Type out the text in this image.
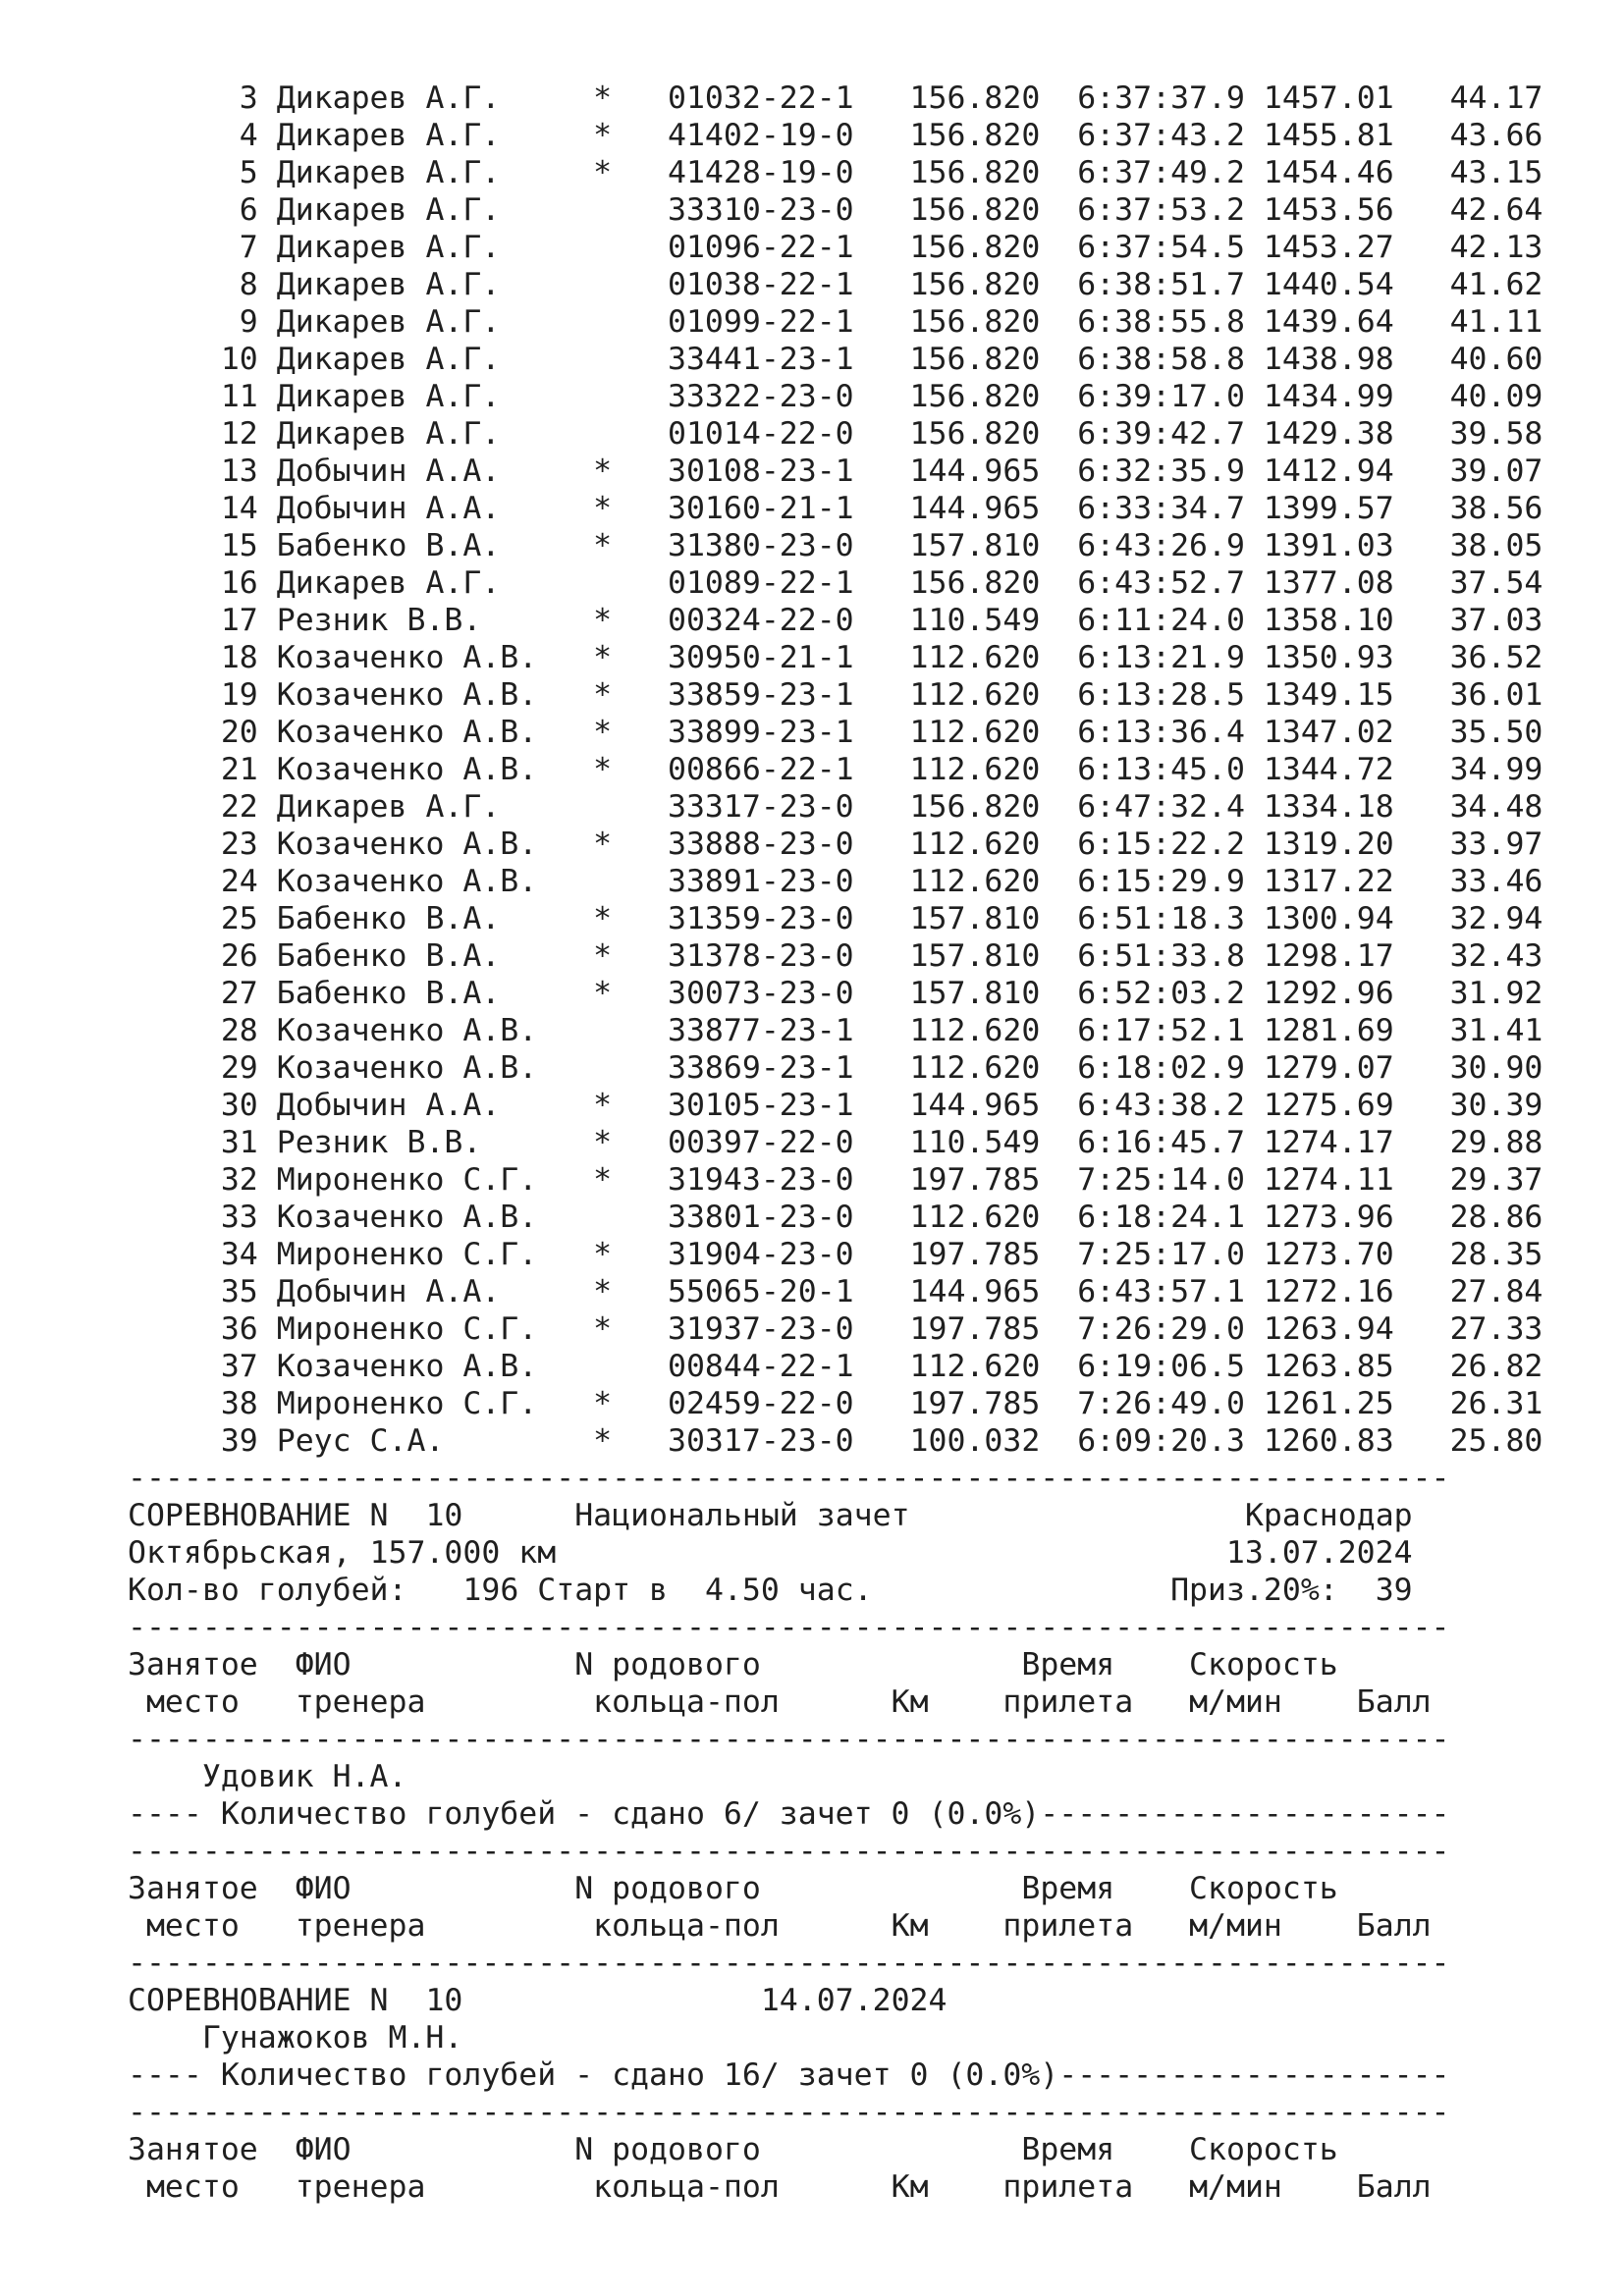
3 Дикарев А.Г.     *   01032-22-1   156.820 6:37:37.9 1457.01   44.17
4 Дикарев А.Г.     *   41402-19-0   156.820 6:37:43.2 1455.81   43.66
5 Дикарев А.Г.     *   41428-19-0   156.820 6:37:49.2 1454.46   43.15
6 Дикарев А.Г.         33310-23-0   156.820 6:37:53.2 1453.56   42.64
7 Дикарев А.Г.         01096-22-1   156.820 6:37:54.5 1453.27   42.13
8 Дикарев А.Г.         01038-22-1   156.820 6:38:51.7 1440.54   41.62
9 Дикарев А.Г.         01099-22-1   156.820 6:38:55.8 1439.64   41.11
10 Дикарев А.Г.         33441-23-1   156.820 6:38:58.8 1438.98   40.60
11 Дикарев А.Г.         33322-23-0   156.820 6:39:17.0 1434.99   40.09
12 Дикарев А.Г.         01014-22-0   156.820 6:39:42.7 1429.38   39.58
13 Добычин А.А.     *   30108-23-1   144.965 6:32:35.9 1412.94   39.07
14 Добычин А.А.     *   30160-21-1   144.965 6:33:34.7 1399.57   38.56
15 Бабенко В.А.     *   31380-23-0   157.810 6:43:26.9 1391.03   38.05
16 Дикарев А.Г.         01089-22-1   156.820 6:43:52.7 1377.08   37.54
17 Резник В.В.      *   00324-22-0   110.549 6:11:24.0 1358.10   37.03
18 Козаченко А.В.   *   30950-21-1   112.620 6:13:21.9 1350.93   36.52
19 Козаченко А.В.   *   33859-23-1   112.620 6:13:28.5 1349.15   36.01
20 Козаченко А.В.   *   33899-23-1   112.620 6:13:36.4 1347.02   35.50
21 Козаченко А.В.   *   00866-22-1   112.620 6:13:45.0 1344.72   34.99
22 Дикарев А.Г.         33317-23-0   156.820 6:47:32.4 1334.18   34.48
23 Козаченко А.В.   *   33888-23-0   112.620 6:15:22.2 1319.20   33.97
24 Козаченко А.В.       33891-23-0   112.620 6:15:29.9 1317.22   33.46
25 Бабенко В.А.     *   31359-23-0   157.810 6:51:18.3 1300.94   32.94
26 Бабенко В.А.     *   31378-23-0   157.810 6:51:33.8 1298.17   32.43
27 Бабенко В.А.     *   30073-23-0   157.810 6:52:03.2 1292.96   31.92
28 Козаченко А.В.       33877-23-1   112.620 6:17:52.1 1281.69   31.41
29 Козаченко А.В.       33869-23-1   112.620 6:18:02.9 1279.07   30.90
30 Добычин А.А.     *   30105-23-1   144.965 6:43:38.2 1275.69   30.39
31 Резник В.В.      *   00397-22-0   110.549 6:16:45.7 1274.17   29.88
32 Мироненко С.Г.   *   31943-23-0   197.785 7:25:14.0 1274.11   29.37
33 Козаченко А.В.       33801-23-0   112.620 6:18:24.1 1273.96   28.86
34 Мироненко С.Г.   *   31904-23-0   197.785 7:25:17.0 1273.70   28.35
35 Добычин А.А.     *   55065-20-1   144.965 6:43:57.1 1272.16   27.84
36 Мироненко С.Г.   *   31937-23-0   197.785 7:26:29.0 1263.94   27.33
37 Козаченко А.В.       00844-22-1   112.620 6:19:06.5 1263.85   26.82
38 Мироненко С.Г.   *   02459-22-0   197.785 7:26:49.0 1261.25   26.31
39 Реус С.А.        *   30317-23-0   100.032 6:09:20.3 1260.83   25.80
-----------------------------------------------------------------------
СОРЕВНОВАНИЕ N 10	Национальный зачет	Краснодар
Октябрьская, 157.000 км	13.07.2024
Кол-во голубей: 196 Старт в 4.50 час.	Приз.20%: 39
-----------------------------------------------------------------------
Занятое ФИО	N родового	Время Скорость
место тренера	кольца-пол	Км прилета м/мин Балл
-----------------------------------------------------------------------
Удовик Н.А.
---- Количество голубей - сдано 6/ зачет 0 (0.0%)----------------------
-----------------------------------------------------------------------
Занятое ФИО	N родового	Время Скорость
место тренера	кольца-пол	Км прилета м/мин Балл
-----------------------------------------------------------------------
СОРЕВНОВАНИЕ N 10	14.07.2024
Гунажоков М.Н.
---- Количество голубей - сдано 16/ зачет 0 (0.0%)---------------------
-----------------------------------------------------------------------
Занятое ФИО	N родового	Время Скорость
место тренера	кольца-пол	Км прилета м/мин Балл
